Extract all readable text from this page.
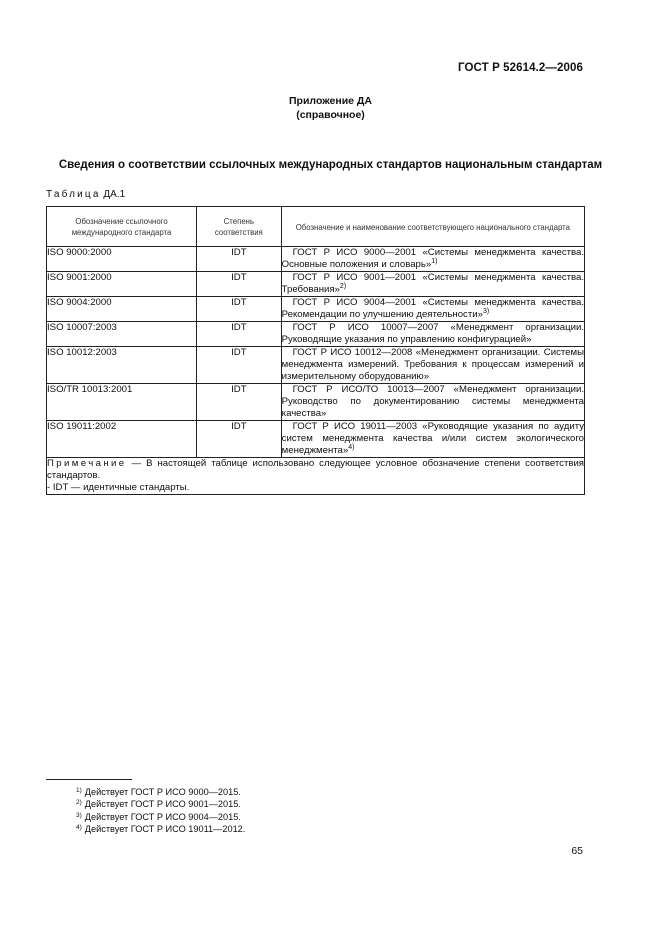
ГОСТ Р 52614.2—2006
Приложение ДА
(справочное)
Сведения о соответствии ссылочных международных стандартов национальным стандартам
Таблица ДА.1
Обозначение ссылочного международного стандарта	Степень соответствия	Обозначение и наименование соответствующего национального стандарта
ISO 9000:2000	IDT	ГОСТ Р ИСО 9000—2001 «Системы менеджмента качества. Основные положения и словарь»$^{1)}$
ISO 9001:2000	IDT	ГОСТ Р ИСО 9001—2001 «Системы менеджмента качества. Требования»$^{2)}$
ISO 9004:2000	IDT	ГОСТ Р ИСО 9004—2001 «Системы менеджмента качества. Рекомендации по улучшению деятельности»$^{3)}$
ISO 10007:2003	IDT	ГОСТ Р ИСО 10007—2007 «Менеджмент организации. Руководящие указания по управлению конфигурацией»
ISO 10012:2003	IDT	ГОСТ Р ИСО 10012—2008 «Менеджмент организации. Системы менеджмента измерений. Требования к процессам измерений и измерительному оборудованию»
ISO/TR 10013:2001	IDT	ГОСТ Р ИСО/ТО 10013—2007 «Менеджмент организации. Руководство по документированию системы менеджмента качества»
ISO 19011:2002	IDT	ГОСТ Р ИСО 19011—2003 «Руководящие указания по аудиту систем менеджмента качества и/или систем экологического менеджмента»$^{4)}$
Примечание — В настоящей таблице использовано следующее условное обозначение степени соответствия стандартов.
- IDT — идентичные стандарты.		
$^{1)}$ Действует ГОСТ Р ИСО 9000—2015.
$^{2)}$ Действует ГОСТ Р ИСО 9001—2015.
$^{3)}$ Действует ГОСТ Р ИСО 9004—2015.
$^{4)}$ Действует ГОСТ Р ИСО 19011—2012.
65
